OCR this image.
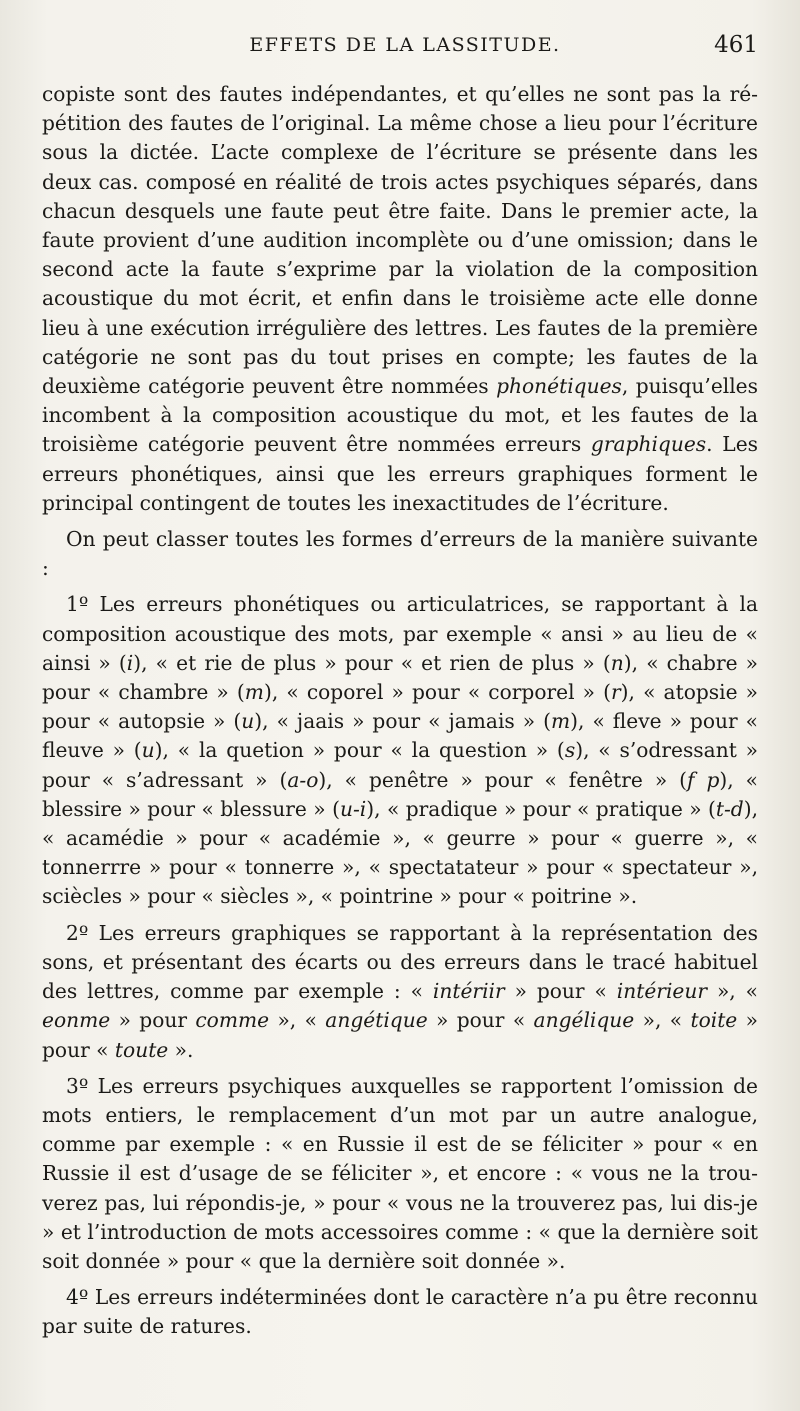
EFFETS DE LA LASSITUDE.	461

copiste sont des fautes indépendantes, et qu’elles ne sont pas la répétition des fautes de l’original. La même chose a lieu pour l’écriture sous la dictée. L’acte complexe de l’écriture se présente dans les deux cas. composé en réalité de trois actes psychiques séparés, dans chacun desquels une faute peut être faite. Dans le premier acte, la faute provient d’une audition incomplète ou d’une omission; dans le second acte la faute s’exprime par la violation de la composition acoustique du mot écrit, et enfin dans le troisième acte elle donne lieu à une exécution irrégulière des lettres. Les fautes de la première catégorie ne sont pas du tout prises en compte; les fautes de la deuxième catégorie peuvent être nommées phonétiques, puisqu’elles incombent à la composition acoustique du mot, et les fautes de la troisième catégorie peuvent être nommées erreurs graphiques. Les erreurs phonétiques, ainsi que les erreurs graphiques forment le principal contingent de toutes les inexactitudes de l’écriture.

On peut classer toutes les formes d’erreurs de la manière suivante :

1º Les erreurs phonétiques ou articulatrices, se rapportant à la composition acoustique des mots, par exemple « ansi » au lieu de « ainsi » (i), « et rie de plus » pour « et rien de plus » (n), « chabre » pour « chambre » (m), « coporel » pour « corporel » (r), « atopsie » pour « autopsie » (u), « jaais » pour « jamais » (m), « fleve » pour « fleuve » (u), « la quetion » pour « la question » (s), « s’odressant » pour « s’adressant » (a-o), « penêtre » pour « fenêtre » (f p), « blessire » pour « blessure » (u-i), « pradique » pour « pratique » (t-d), « acamédie » pour « académie », « geurre » pour « guerre », « tonnerrre » pour « tonnerre », « spectatateur » pour « spectateur », sciècles » pour « siècles », « pointrine » pour « poitrine ».

2º Les erreurs graphiques se rapportant à la représentation des sons, et présentant des écarts ou des erreurs dans le tracé habituel des lettres, comme par exemple : « intériir » pour « intérieur », « eonme » pour comme », « angétique » pour « angélique », « toite » pour « toute ».

3º Les erreurs psychiques auxquelles se rapportent l’omission de mots entiers, le remplacement d’un mot par un autre analogue, comme par exemple : « en Russie il est de se féliciter » pour « en Russie il est d’usage de se féliciter », et encore : « vous ne la trouverez pas, lui répondis-je, » pour « vous ne la trouverez pas, lui dis-je » et l’introduction de mots accessoires comme : « que la dernière soit soit donnée » pour « que la dernière soit donnée ».

4º Les erreurs indéterminées dont le caractère n’a pu être reconnu par suite de ratures.
